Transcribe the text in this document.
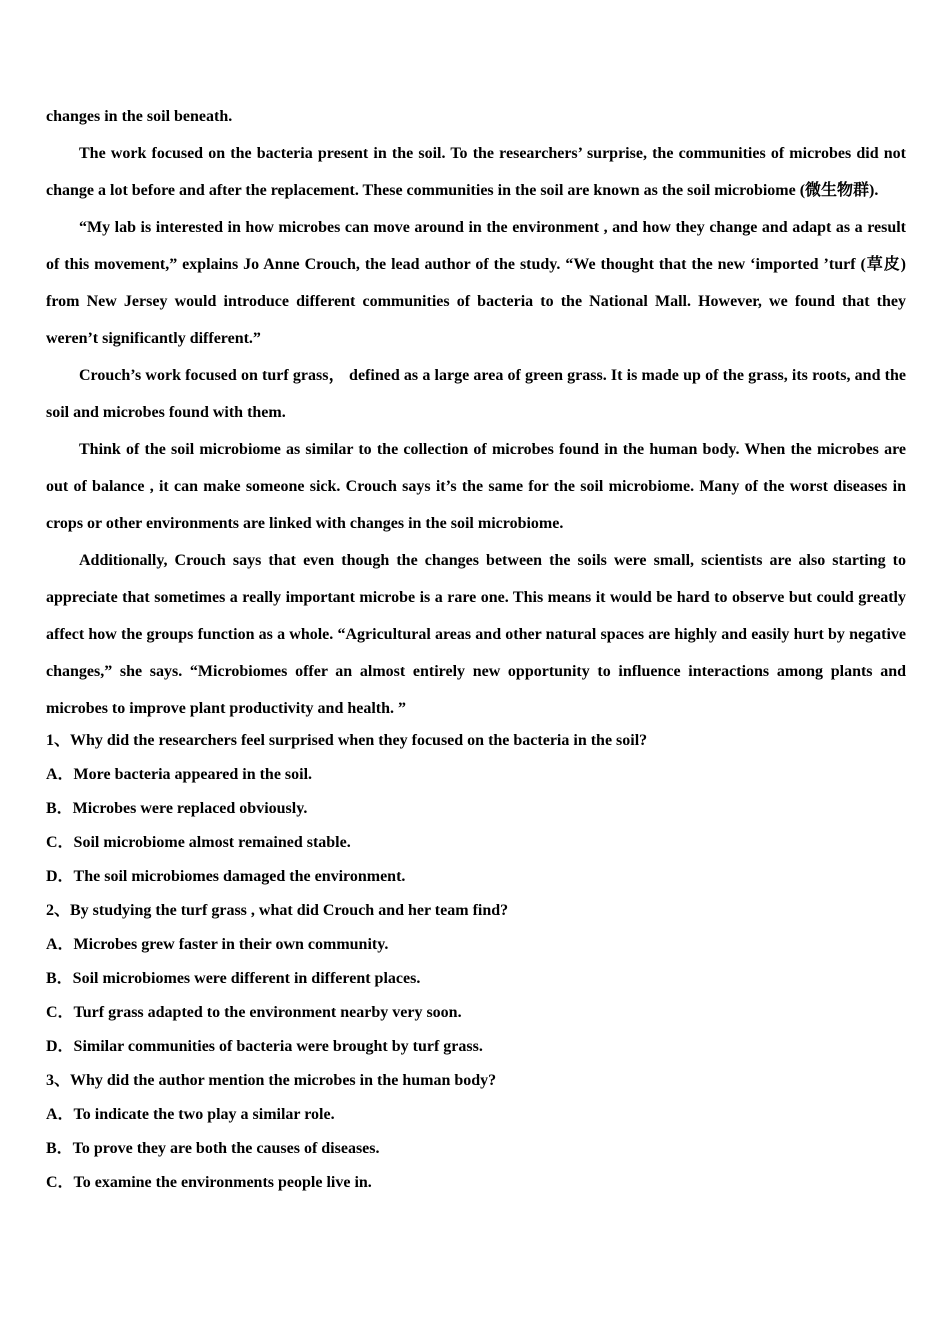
changes in the soil beneath.

The work focused on the bacteria present in the soil. To the researchers’ surprise, the communities of microbes did not change a lot before and after the replacement. These communities in the soil are known as the soil microbiome (微生物群).

“My lab is interested in how microbes can move around in the environment , and how they change and adapt as a result of this movement,” explains Jo Anne Crouch, the lead author of the study. “We thought that the new ‘imported ’turf (草皮) from New Jersey would introduce different communities of bacteria to the National Mall. However, we found that they weren’t significantly different.”

Crouch’s work focused on turf grass， defined as a large area of green grass. It is made up of the grass, its roots, and the soil and microbes found with them.

Think of the soil microbiome as similar to the collection of microbes found in the human body. When the microbes are out of balance , it can make someone sick. Crouch says it’s the same for the soil microbiome. Many of the worst diseases in crops or other environments are linked with changes in the soil microbiome.

Additionally, Crouch says that even though the changes between the soils were small, scientists are also starting to appreciate that sometimes a really important microbe is a rare one. This means it would be hard to observe but could greatly affect how the groups function as a whole. “Agricultural areas and other natural spaces are highly and easily hurt by negative changes,” she says. “Microbiomes offer an almost entirely new opportunity to influence interactions among plants and microbes to improve plant productivity and health. ”

1、Why did the researchers feel surprised when they focused on the bacteria in the soil?

A．More bacteria appeared in the soil.

B．Microbes were replaced obviously.

C．Soil microbiome almost remained stable.

D．The soil microbiomes damaged the environment.

2、By studying the turf grass , what did Crouch and her team find?

A．Microbes grew faster in their own community.

B．Soil microbiomes were different in different places.

C．Turf grass adapted to the environment nearby very soon.

D．Similar communities of bacteria were brought by turf grass.

3、Why did the author mention the microbes in the human body?

A．To indicate the two play a similar role.

B．To prove they are both the causes of diseases.

C．To examine the environments people live in.
